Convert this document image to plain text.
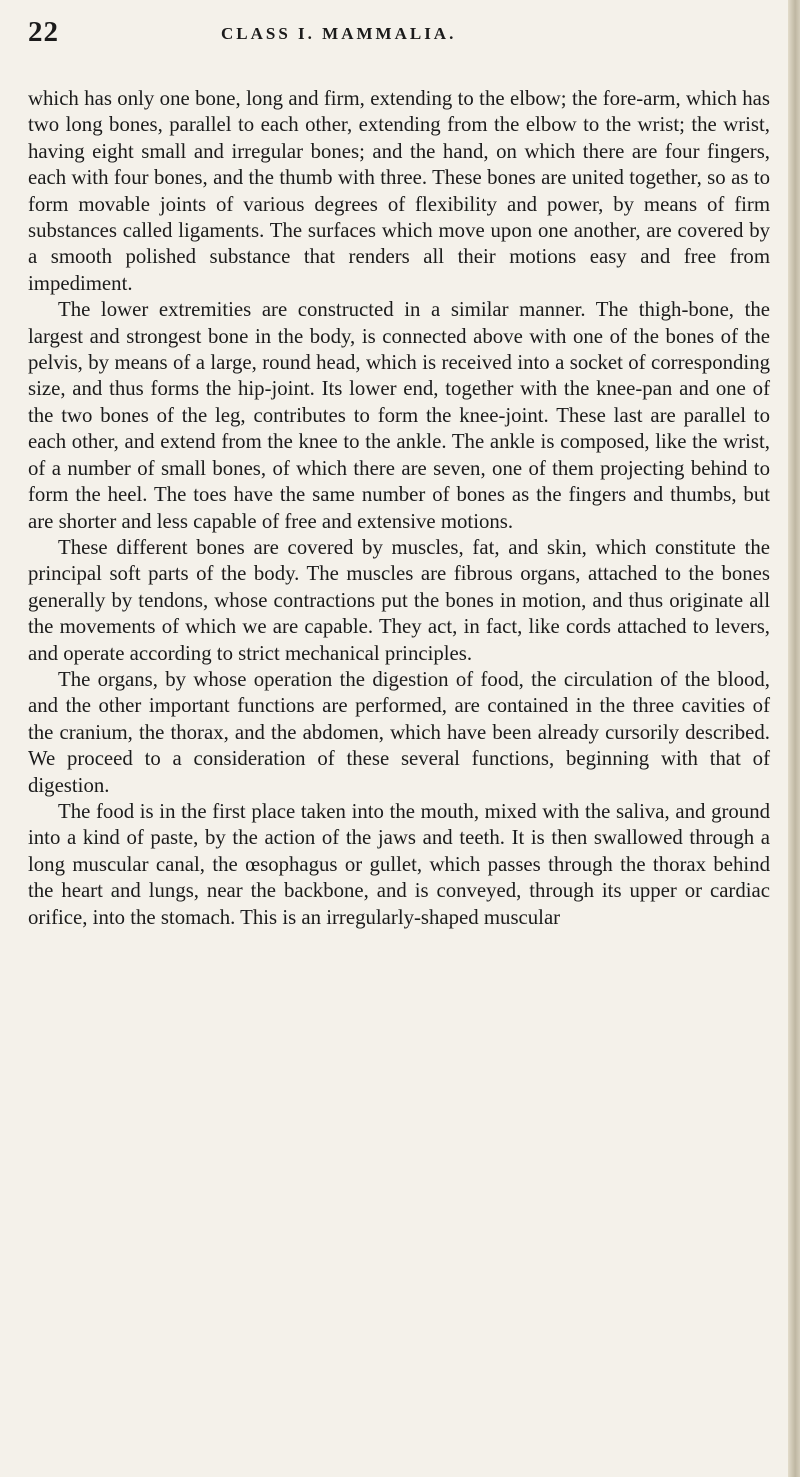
22	CLASS I. MAMMALIA.

which has only one bone, long and firm, extending to the elbow; the fore-arm, which has two long bones, parallel to each other, extending from the elbow to the wrist; the wrist, having eight small and irregular bones; and the hand, on which there are four fingers, each with four bones, and the thumb with three. These bones are united together, so as to form movable joints of various degrees of flexibility and power, by means of firm substances called ligaments. The surfaces which move upon one another, are covered by a smooth polished substance that renders all their motions easy and free from impediment.

The lower extremities are constructed in a similar manner. The thigh-bone, the largest and strongest bone in the body, is connected above with one of the bones of the pelvis, by means of a large, round head, which is received into a socket of corresponding size, and thus forms the hip-joint. Its lower end, together with the knee-pan and one of the two bones of the leg, contributes to form the knee-joint. These last are parallel to each other, and extend from the knee to the ankle. The ankle is composed, like the wrist, of a number of small bones, of which there are seven, one of them projecting behind to form the heel. The toes have the same number of bones as the fingers and thumbs, but are shorter and less capable of free and extensive motions.

These different bones are covered by muscles, fat, and skin, which constitute the principal soft parts of the body. The muscles are fibrous organs, attached to the bones generally by tendons, whose contractions put the bones in motion, and thus originate all the movements of which we are capable. They act, in fact, like cords attached to levers, and operate according to strict mechanical principles.

The organs, by whose operation the digestion of food, the circulation of the blood, and the other important functions are performed, are contained in the three cavities of the cranium, the thorax, and the abdomen, which have been already cursorily described. We proceed to a consideration of these several functions, beginning with that of digestion.

The food is in the first place taken into the mouth, mixed with the saliva, and ground into a kind of paste, by the action of the jaws and teeth. It is then swallowed through a long muscular canal, the œsophagus or gullet, which passes through the thorax behind the heart and lungs, near the backbone, and is conveyed, through its upper or cardiac orifice, into the stomach. This is an irregularly-shaped muscular
